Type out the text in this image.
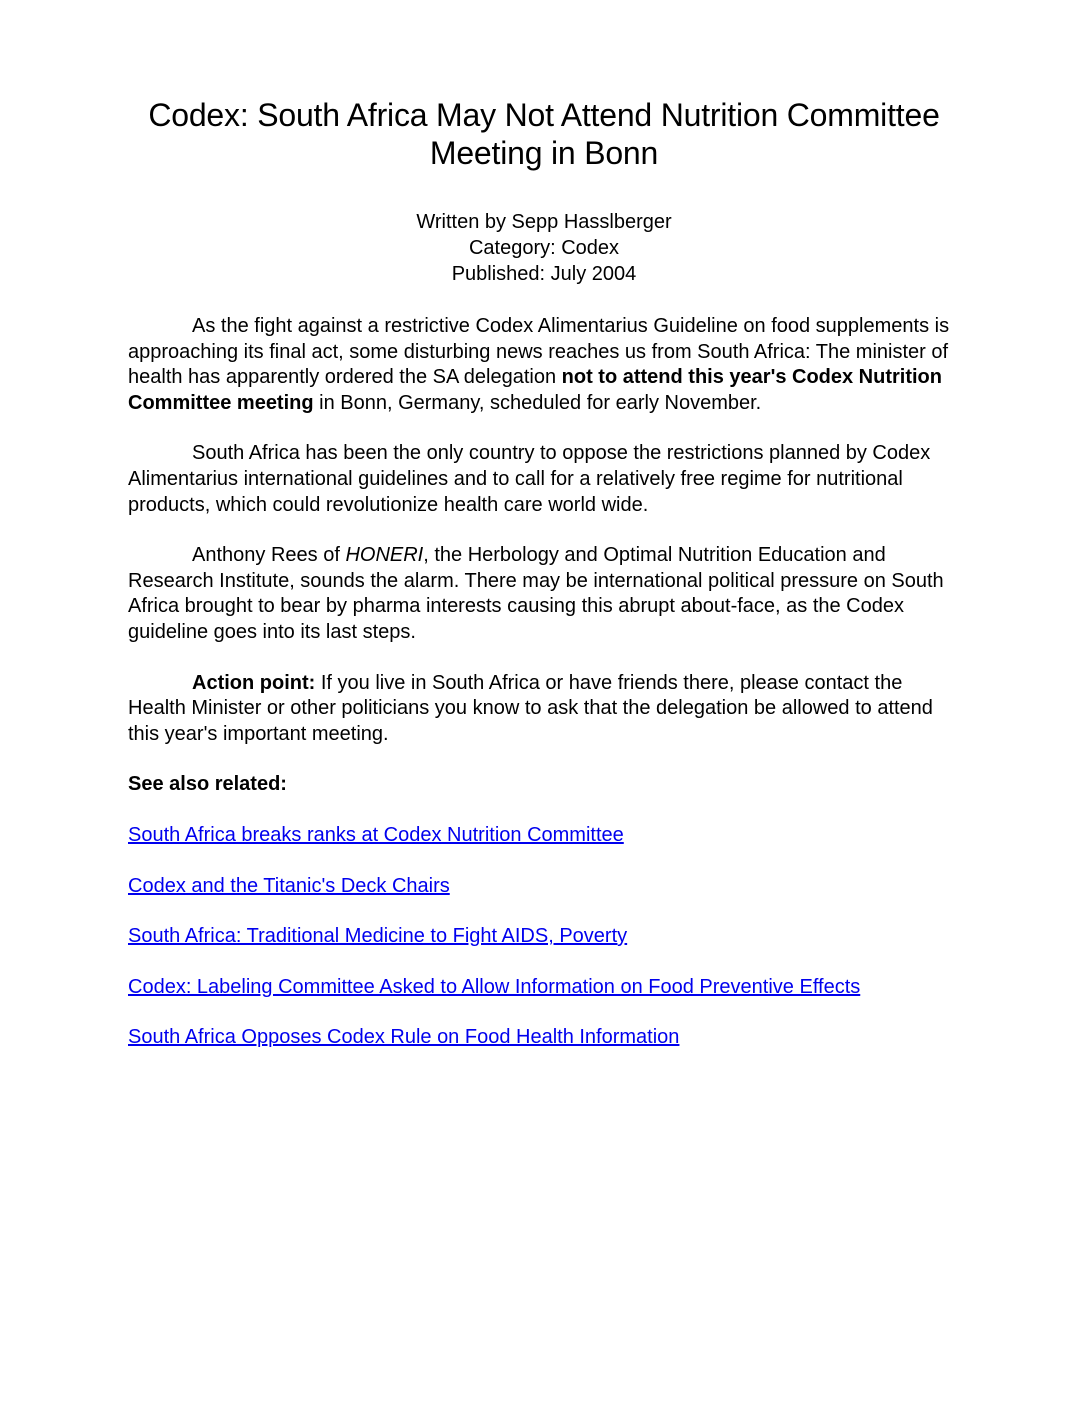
Codex: South Africa May Not Attend Nutrition Committee Meeting in Bonn
Written by Sepp Hasslberger
Category: Codex
Published: July 2004

As the fight against a restrictive Codex Alimentarius Guideline on food supplements is approaching its final act, some disturbing news reaches us from South Africa: The minister of health has apparently ordered the SA delegation not to attend this year's Codex Nutrition Committee meeting in Bonn, Germany, scheduled for early November.

South Africa has been the only country to oppose the restrictions planned by Codex Alimentarius international guidelines and to call for a relatively free regime for nutritional products, which could revolutionize health care world wide.

Anthony Rees of HONERI, the Herbology and Optimal Nutrition Education and Research Institute, sounds the alarm. There may be international political pressure on South Africa brought to bear by pharma interests causing this abrupt about-face, as the Codex guideline goes into its last steps.

Action point: If you live in South Africa or have friends there, please contact the Health Minister or other politicians you know to ask that the delegation be allowed to attend this year's important meeting.

See also related:
South Africa breaks ranks at Codex Nutrition Committee
Codex and the Titanic's Deck Chairs
South Africa: Traditional Medicine to Fight AIDS, Poverty
Codex: Labeling Committee Asked to Allow Information on Food Preventive Effects
South Africa Opposes Codex Rule on Food Health Information
